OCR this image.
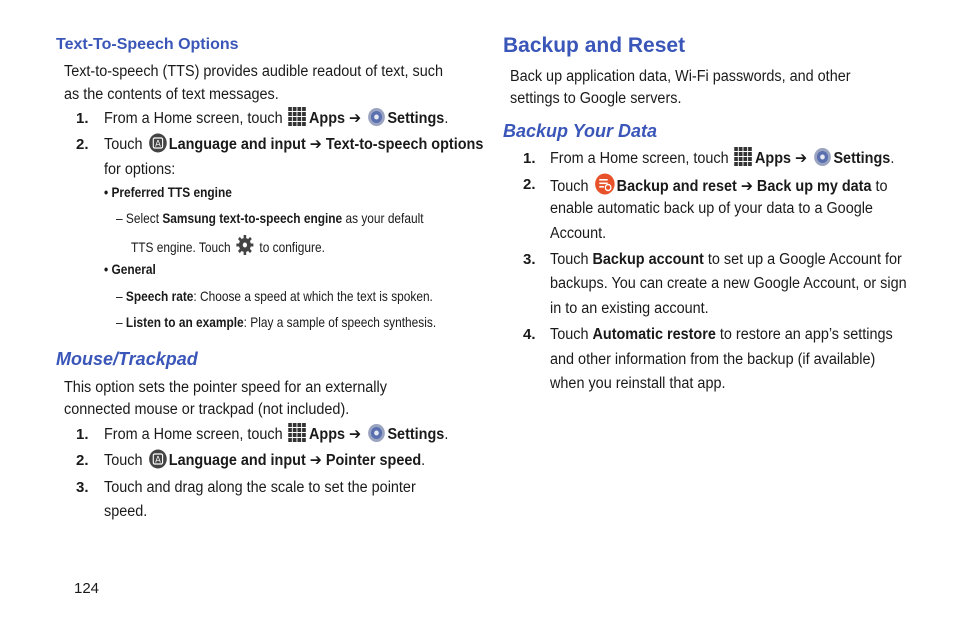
Text-To-Speech Options
Text-to-speech (TTS) provides audible readout of text, such
as the contents of text messages.
1. From a Home screen, touch Apps ➔ Settings.
2. Touch A Language and input ➔ Text-to-speech options
for options:
• Preferred TTS engine
– Select Samsung text-to-speech engine as your default
TTS engine. Touch to configure.
• General
– Speech rate: Choose a speed at which the text is spoken.
– Listen to an example: Play a sample of speech synthesis.
Mouse/Trackpad
This option sets the pointer speed for an externally
connected mouse or trackpad (not included).
1. From a Home screen, touch Apps ➔ Settings.
2. Touch A Language and input ➔ Pointer speed.
3. Touch and drag along the scale to set the pointer
speed.
124
Backup and Reset
Back up application data, Wi-Fi passwords, and other
settings to Google servers.
Backup Your Data
1. From a Home screen, touch Apps ➔ Settings.
2. Touch Backup and reset ➔ Back up my data to
enable automatic back up of your data to a Google
Account.
3. Touch Backup account to set up a Google Account for
backups. You can create a new Google Account, or sign
in to an existing account.
4. Touch Automatic restore to restore an app’s settings
and other information from the backup (if available)
when you reinstall that app.
